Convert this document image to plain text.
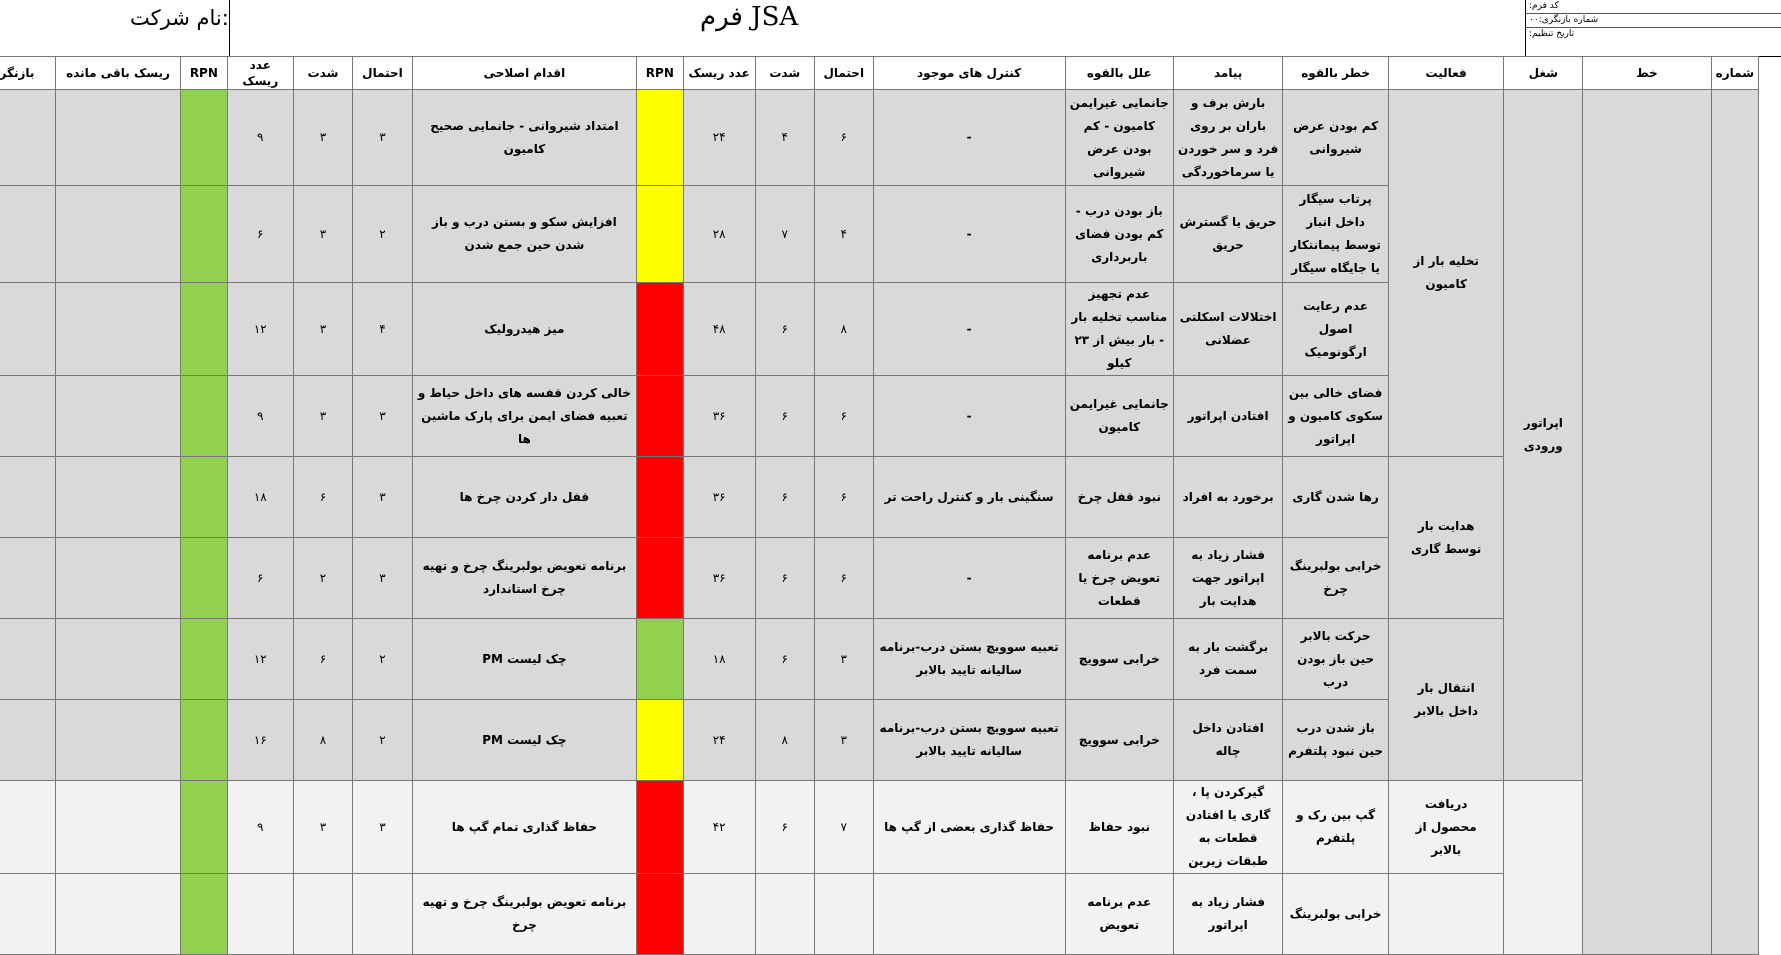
نام شرکت:	فرم JSA	کد فرم:
شماره بازنگری:۰۰
تاریخ تنظیم:
شماره	خط	شغل	فعالیت	خطر بالقوه	پیامد	علل بالقوه	کنترل های موجود	احتمال	شدت	عدد ریسک	RPN	اقدام اصلاحی	احتمال	شدت	عدد ریسک	RPN	ریسک باقی مانده	بازنگر
		اپراتور ورودی	تخلیه بار از کامیون	کم بودن عرض شیروانی	بارش برف و باران بر روی فرد و سر خوردن یا سرماخوردگی	جانمایی غیرایمن کامیون - کم بودن عرض شیروانی	-	۶	۴	۲۴		امتداد شیروانی - جانمایی صحیح کامیون	۳	۳	۹			
				پرتاب سیگار داخل انبار توسط پیمانتکار یا جایگاه سیگار	حریق یا گسترش حریق	باز بودن درب - کم بودن فضای باربرداری	-	۴	۷	۲۸		افزایش سکو و بستن درب و باز شدن حین جمع شدن	۲	۳	۶			
				عدم رعایت اصول ارگونومیک	اختلالات اسکلتی عضلانی	عدم تجهیز مناسب تخلیه بار - بار بیش از ۲۳ کیلو	-	۸	۶	۴۸		میز هیدرولیک	۴	۳	۱۲			
				فضای خالی بین سکوی کامیون و اپراتور	افتادن اپراتور	جانمایی غیرایمن کامیون	-	۶	۶	۳۶		خالی کردن قفسه های داخل حیاط و تعبیه فضای ایمن برای پارک ماشین ها	۳	۳	۹			
			هدایت بار توسط گاری	رها شدن گاری	برخورد به افراد	نبود قفل چرخ	سنگینی بار و کنترل راحت تر	۶	۶	۳۶		قفل دار کردن چرخ ها	۳	۶	۱۸			
				خرابی بولبرینگ چرخ	فشار زیاد به اپراتور جهت هدایت بار	عدم برنامه تعویض چرخ یا قطعات	-	۶	۶	۳۶		برنامه تعویض بولبرینگ چرخ و تهیه چرخ استاندارد	۳	۲	۶			
			انتقال بار داخل بالابر	حرکت بالابر حین باز بودن درب	برگشت بار به سمت فرد	خرابی سوویچ	تعبیه سوویچ بستن درب-برنامه سالیانه تایید بالابر	۳	۶	۱۸		چک لیست PM	۲	۶	۱۲			
				باز شدن درب حین نبود پلتفرم	افتادن داخل چاله	خرابی سوویچ	تعبیه سوویچ بستن درب-برنامه سالیانه تایید بالابر	۳	۸	۲۴		چک لیست PM	۲	۸	۱۶			
			دریافت محصول از بالابر	گپ بین رک و پلتفرم	گیرکردن پا ، گاری یا افتادن قطعات به طبقات زیرین	نبود حفاظ	حفاظ گذاری بعضی از گپ ها	۷	۶	۴۲		حفاظ گذاری تمام گپ ها	۳	۳	۹			
				خرابی بولبرینگ	فشار زیاد به اپراتور	عدم برنامه تعویض						برنامه تعویض بولبرینگ چرخ و تهیه چرخ						
